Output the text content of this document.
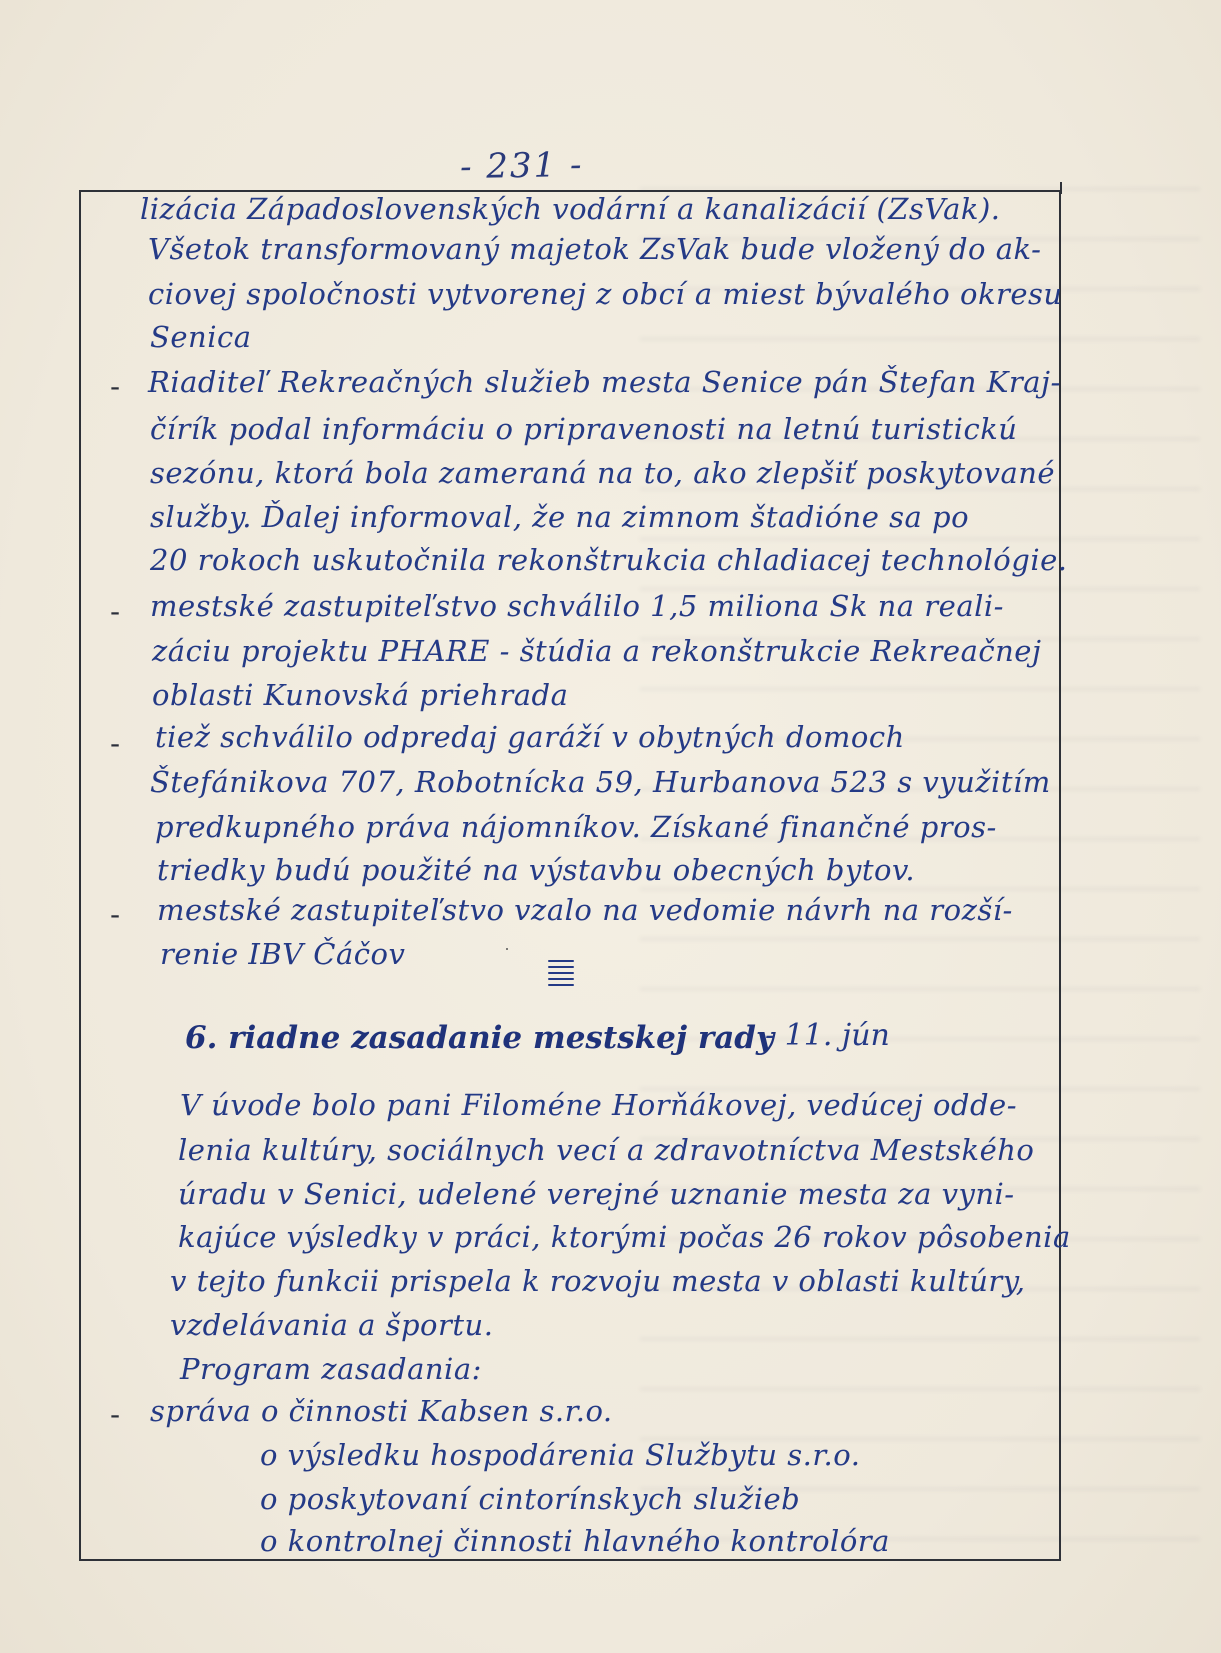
- 231 -
lizácia Západoslovenských vodární a kanalizácií (ZsVak).
Všetok transformovaný majetok ZsVak bude vložený do ak-
ciovej spoločnosti vytvorenej z obcí a miest bývalého okresu
Senica
- Riaditeľ Rekreačných služieb mesta Senice pán Štefan Kraj-
čírík podal informáciu o pripravenosti na letnú turistickú
sezónu, ktorá bola zameraná na to, ako zlepšiť poskytované
služby. Ďalej informoval, že na zimnom štadióne sa po
20 rokoch uskutočnila rekonštrukcia chladiacej technológie.
- mestské zastupiteľstvo schválilo 1,5 miliona Sk na reali-
záciu projektu PHARE - štúdia a rekonštrukcie Rekreačnej
oblasti Kunovská priehrada
- tiež schválilo odpredaj garáží v obytných domoch
Štefánikova 707, Robotnícka 59, Hurbanova 523 s využitím
predkupného práva nájomníkov. Získané finančné pros-
triedky budú použité na výstavbu obecných bytov.
- mestské zastupiteľstvo vzalo na vedomie návrh na rozší-
renie IBV Čáčov
6. riadne zasadanie mestskej rady
- 11. jún
V úvode bolo pani Filoméne Horňákovej, vedúcej odde-
lenia kultúry, sociálnych vecí a zdravotníctva Mestského
úradu v Senici, udelené verejné uznanie mesta za vyni-
kajúce výsledky v práci, ktorými počas 26 rokov pôsobenia
v tejto funkcii prispela k rozvoju mesta v oblasti kultúry,
vzdelávania a športu.
Program zasadania:
- správa o činnosti Kabsen s.r.o.
o výsledku hospodárenia Službytu s.r.o.
o poskytovaní cintorínskych služieb
o kontrolnej činnosti hlavného kontrolóra
